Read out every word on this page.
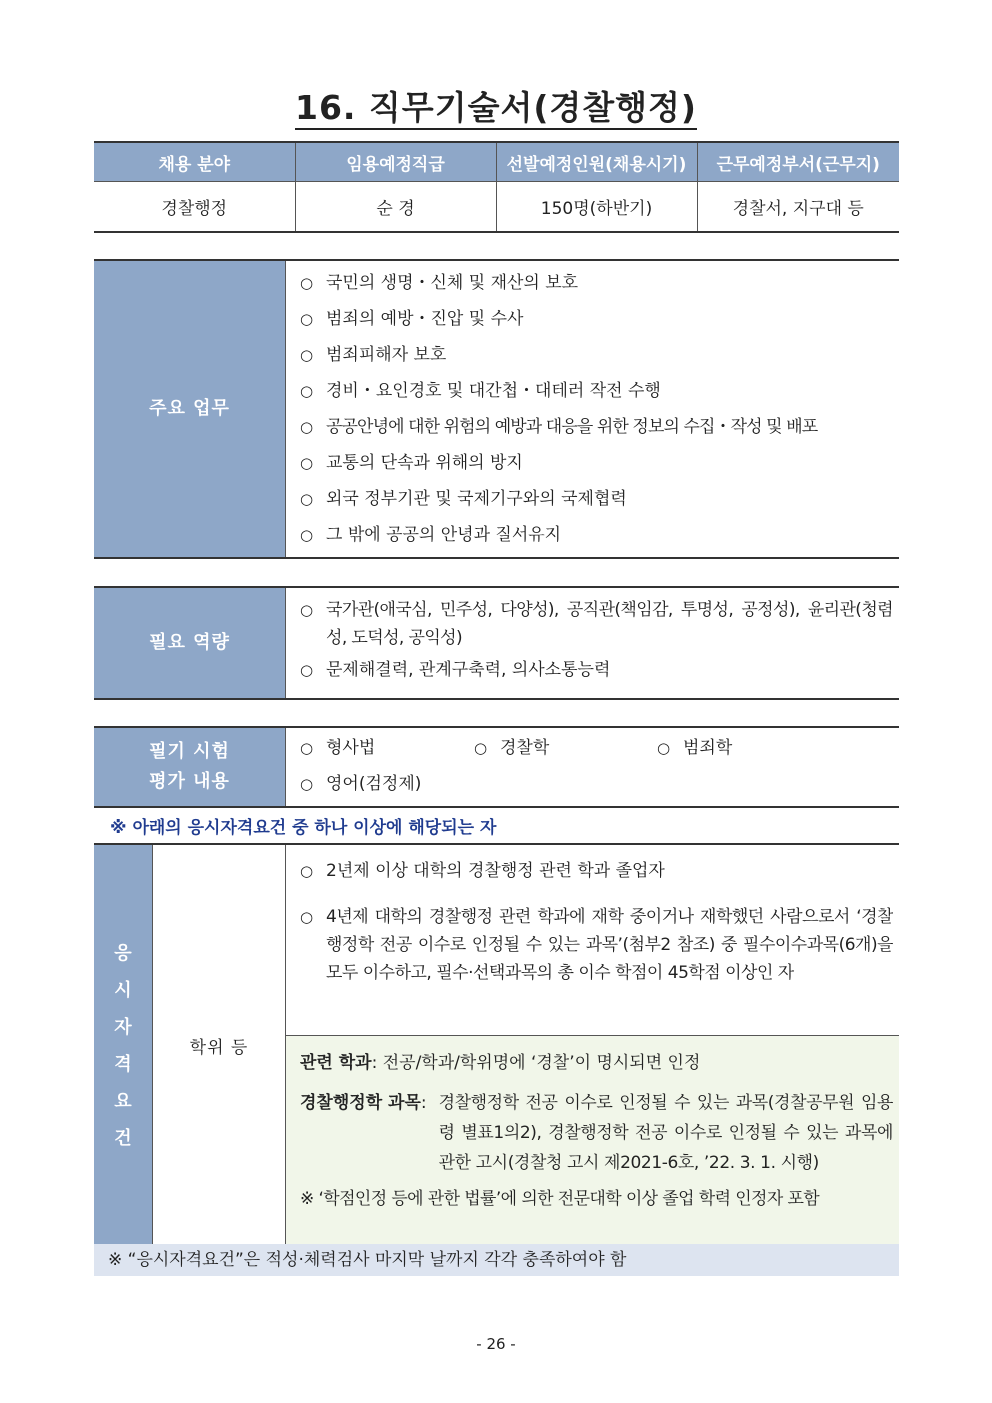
16. 직무기술서(경찰행정)
채용 분야	임용예정직급	선발예정인원(채용시기)	근무예정부서(근무지)
경찰행정	순 경	150명(하반기)	경찰서, 지구대 등
주요 업무
○ 국민의 생명・신체 및 재산의 보호
○ 범죄의 예방・진압 및 수사
○ 범죄피해자 보호
○ 경비・요인경호 및 대간첩・대테러 작전 수행
○ 공공안녕에 대한 위험의 예방과 대응을 위한 정보의 수집・작성 및 배포
○ 교통의 단속과 위해의 방지
○ 외국 정부기관 및 국제기구와의 국제협력
○ 그 밖에 공공의 안녕과 질서유지
필요 역량
○ 국가관(애국심, 민주성, 다양성), 공직관(책임감, 투명성, 공정성), 윤리관(청렴성, 도덕성, 공익성)
○ 문제해결력, 관계구축력, 의사소통능력
필기 시험
평가 내용
○ 형사법	○ 경찰학	○ 범죄학
○ 영어(검정제)
※ 아래의 응시자격요건 중 하나 이상에 해당되는 자
응
시
자
격
요
건
학위 등
○ 2년제 이상 대학의 경찰행정 관련 학과 졸업자
○ 4년제 대학의 경찰행정 관련 학과에 재학 중이거나 재학했던 사람으로서 ‘경찰행정학 전공 이수로 인정될 수 있는 과목’(첨부2 참조) 중 필수이수과목(6개)을 모두 이수하고, 필수·선택과목의 총 이수 학점이 45학점 이상인 자
관련 학과 : 전공/학과/학위명에 ‘경찰’이 명시되면 인정
경찰행정학 과목 : 경찰행정학 전공 이수로 인정될 수 있는 과목(경찰공무원 임용령 별표1의2), 경찰행정학 전공 이수로 인정될 수 있는 과목에 관한 고시(경찰청 고시 제2021-6호, ’22. 3. 1. 시행)
※ ‘학점인정 등에 관한 법률’에 의한 전문대학 이상 졸업 학력 인정자 포함
※ “응시자격요건”은 적성·체력검사 마지막 날까지 각각 충족하여야 함
- 26 -
